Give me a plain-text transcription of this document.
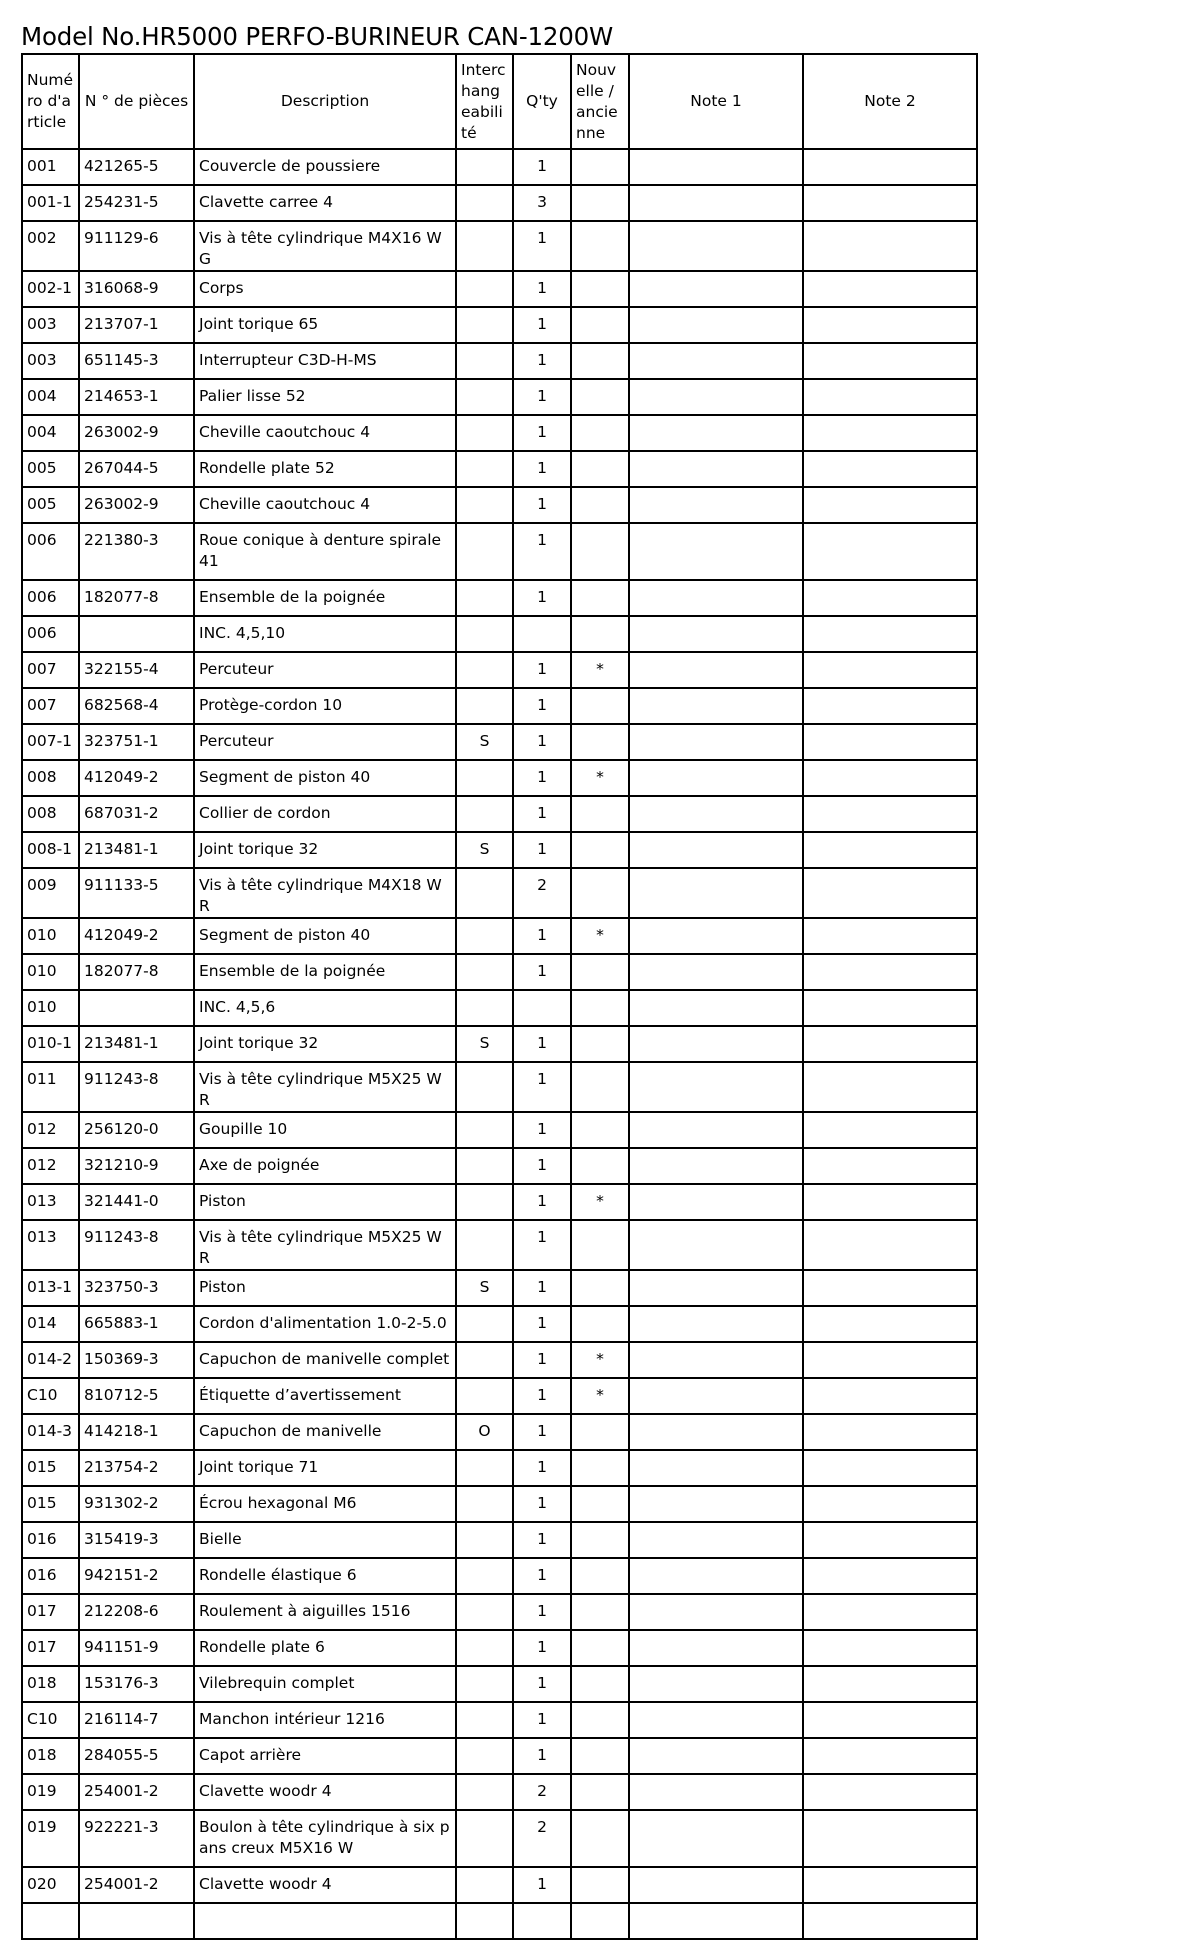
Model No.HR5000 PERFO-BURINEUR CAN-1200W
Numéro d'article	N ° de pièces	Description	Interchangeabilité	Q'ty	Nouvelle / ancienne	Note 1	Note 2
001	421265-5	Couvercle de poussiere		1			
001-1	254231-5	Clavette carree 4		3			
002	911129-6	Vis à tête cylindrique M4X16 WG		1			
002-1	316068-9	Corps		1			
003	213707-1	Joint torique 65		1			
003	651145-3	Interrupteur C3D-H-MS		1			
004	214653-1	Palier lisse 52		1			
004	263002-9	Cheville caoutchouc 4		1			
005	267044-5	Rondelle plate 52		1			
005	263002-9	Cheville caoutchouc 4		1			
006	221380-3	Roue conique à denture spirale 41		1			
006	182077-8	Ensemble de la poignée		1			
006		INC. 4,5,10					
007	322155-4	Percuteur		1	*		
007	682568-4	Protège-cordon 10		1			
007-1	323751-1	Percuteur	S	1			
008	412049-2	Segment de piston 40		1	*		
008	687031-2	Collier de cordon		1			
008-1	213481-1	Joint torique 32	S	1			
009	911133-5	Vis à tête cylindrique M4X18 WR		2			
010	412049-2	Segment de piston 40		1	*		
010	182077-8	Ensemble de la poignée		1			
010		INC. 4,5,6					
010-1	213481-1	Joint torique 32	S	1			
011	911243-8	Vis à tête cylindrique M5X25 WR		1			
012	256120-0	Goupille 10		1			
012	321210-9	Axe de poignée		1			
013	321441-0	Piston		1	*		
013	911243-8	Vis à tête cylindrique M5X25 WR		1			
013-1	323750-3	Piston	S	1			
014	665883-1	Cordon d'alimentation 1.0-2-5.0		1			
014-2	150369-3	Capuchon de manivelle complet		1	*		
C10	810712-5	Étiquette d’avertissement		1	*		
014-3	414218-1	Capuchon de manivelle	O	1			
015	213754-2	Joint torique 71		1			
015	931302-2	Écrou hexagonal M6		1			
016	315419-3	Bielle		1			
016	942151-2	Rondelle élastique 6		1			
017	212208-6	Roulement à aiguilles 1516		1			
017	941151-9	Rondelle plate 6		1			
018	153176-3	Vilebrequin complet		1			
C10	216114-7	Manchon intérieur 1216		1			
018	284055-5	Capot arrière		1			
019	254001-2	Clavette woodr 4		2			
019	922221-3	Boulon à tête cylindrique à six pans creux M5X16 W		2			
020	254001-2	Clavette woodr 4		1			
